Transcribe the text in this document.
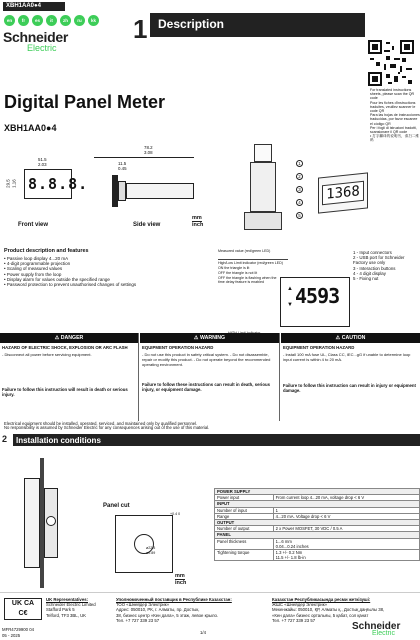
XBH1AA0●4
en	fr	es	it	zh	ru	kk
Schneider
Electric
1 Description
For translated instructions sheets, please scan the QR code
Pour les fiches d'instructions traduites, veuillez scanner le code QR
Para las hojas de instrucciones traducidas, por favor escanee el código QR
Per i fogli di istruzioni tradotti, scansionare il QR code
• 打字翻译的说明书，请扫二维码
Digital Panel Meter
XBH1AA0●4
51.5
2.03
29.5 1.16 8.8.8.
Front view
78.2
3.08
11.5
0.45
Side view
mm
inch
1
2
3
4
5
1368
Product description and features
• Passive loop display 4...20 mA
• 4-digit programmable projection
• Scaling of measured values
• Power supply from the loop
• Display alarm for values outside the specified range
• Password protection to prevent unauthorised changes of settings
Measured value (red/green LED)
High/Low Limit indicator (red/green LED)
ON the triangle is lit
OFF the triangle is not lit
OFF the triangle is flashing when the time delay feature is enabled
▲
▼ 4593
1 - Input connectors
2 - USB port for Schneider Factory use only
3 - Interaction buttons
4 - 4 digit display
5 - Fixing nut
⚠ DANGER
HAZARD OF ELECTRIC SHOCK, EXPLOSION OR ARC FLASH
- Disconnect all power before servicing equipment.
Failure to follow this instruction will result in death or serious injury.
⚠ WARNING
EQUIPMENT OPERATION HAZARD
- Do not use this product in safety critical system. - Do not disassemble, repair or modify this product. - Do not operate beyond the recommended operating environment.
Failure to follow these instructions can result in death, serious injury, or equipment damage.
⚠ CAUTION
EQUIPMENT OPERATION HAZARD
- Install 100 mA fuse UL, Class CC, IEC...gG if unable to determine loop input current is within 4 to 20 mA.
Failure to follow this instruction can result in injury or equipment damage.
Electrical equipment should be installed, operated, serviced, and maintained only by qualified personnel.
No responsibility is assumed by Schneider Electric for any consequences arising out of the use of this material.
2	Installation conditions
Panel cut
ø22.5
ø0.89
+0.4 0
mm
inch
POWER SUPPLY	
Power input	From current loop 4...20 mA, voltage drop < 6 V
INPUT	
Number of input	1
Range	4...20 mA. Voltage drop < 6 V
OUTPUT	
Number of output	2 x Power MOSFET, 30 VDC / 0.5 A
PANEL	
Panel thickness	1...6 mm
0.04...0.24 inches
Tightening torque	1.3 +/- 0.2 Nm
11.5 +/- 1.8 lb-in
UK CA
C€
UK Representatives:
Schneider Electric Limited
Stafford Park 5
Telford, TF3 3BL, UK
Уполномоченный поставщик в Республике Казахстан:
ТОО «Шнейдер Электрик»
Адрес: 050010, РК, г. Алматы, пр. Достык,
38, бизнес центр «Кен дала», 5 этаж, левое крыло.
Тел. +7 727 339 23 57
Казахстан Республикасында ресми жеткізуші:
ЖШС «Шнейдер Электрик»
Мекенжайы: 050010, ҚР, Алматы қ., Достық даңғылы 38,
«Кен дала» бизнес орталығы, 5 қабат, сол қанат
Тел. +7 727 339 23 57
MFR4729900 04
05 - 2025
1/4
Schneider
Electric
